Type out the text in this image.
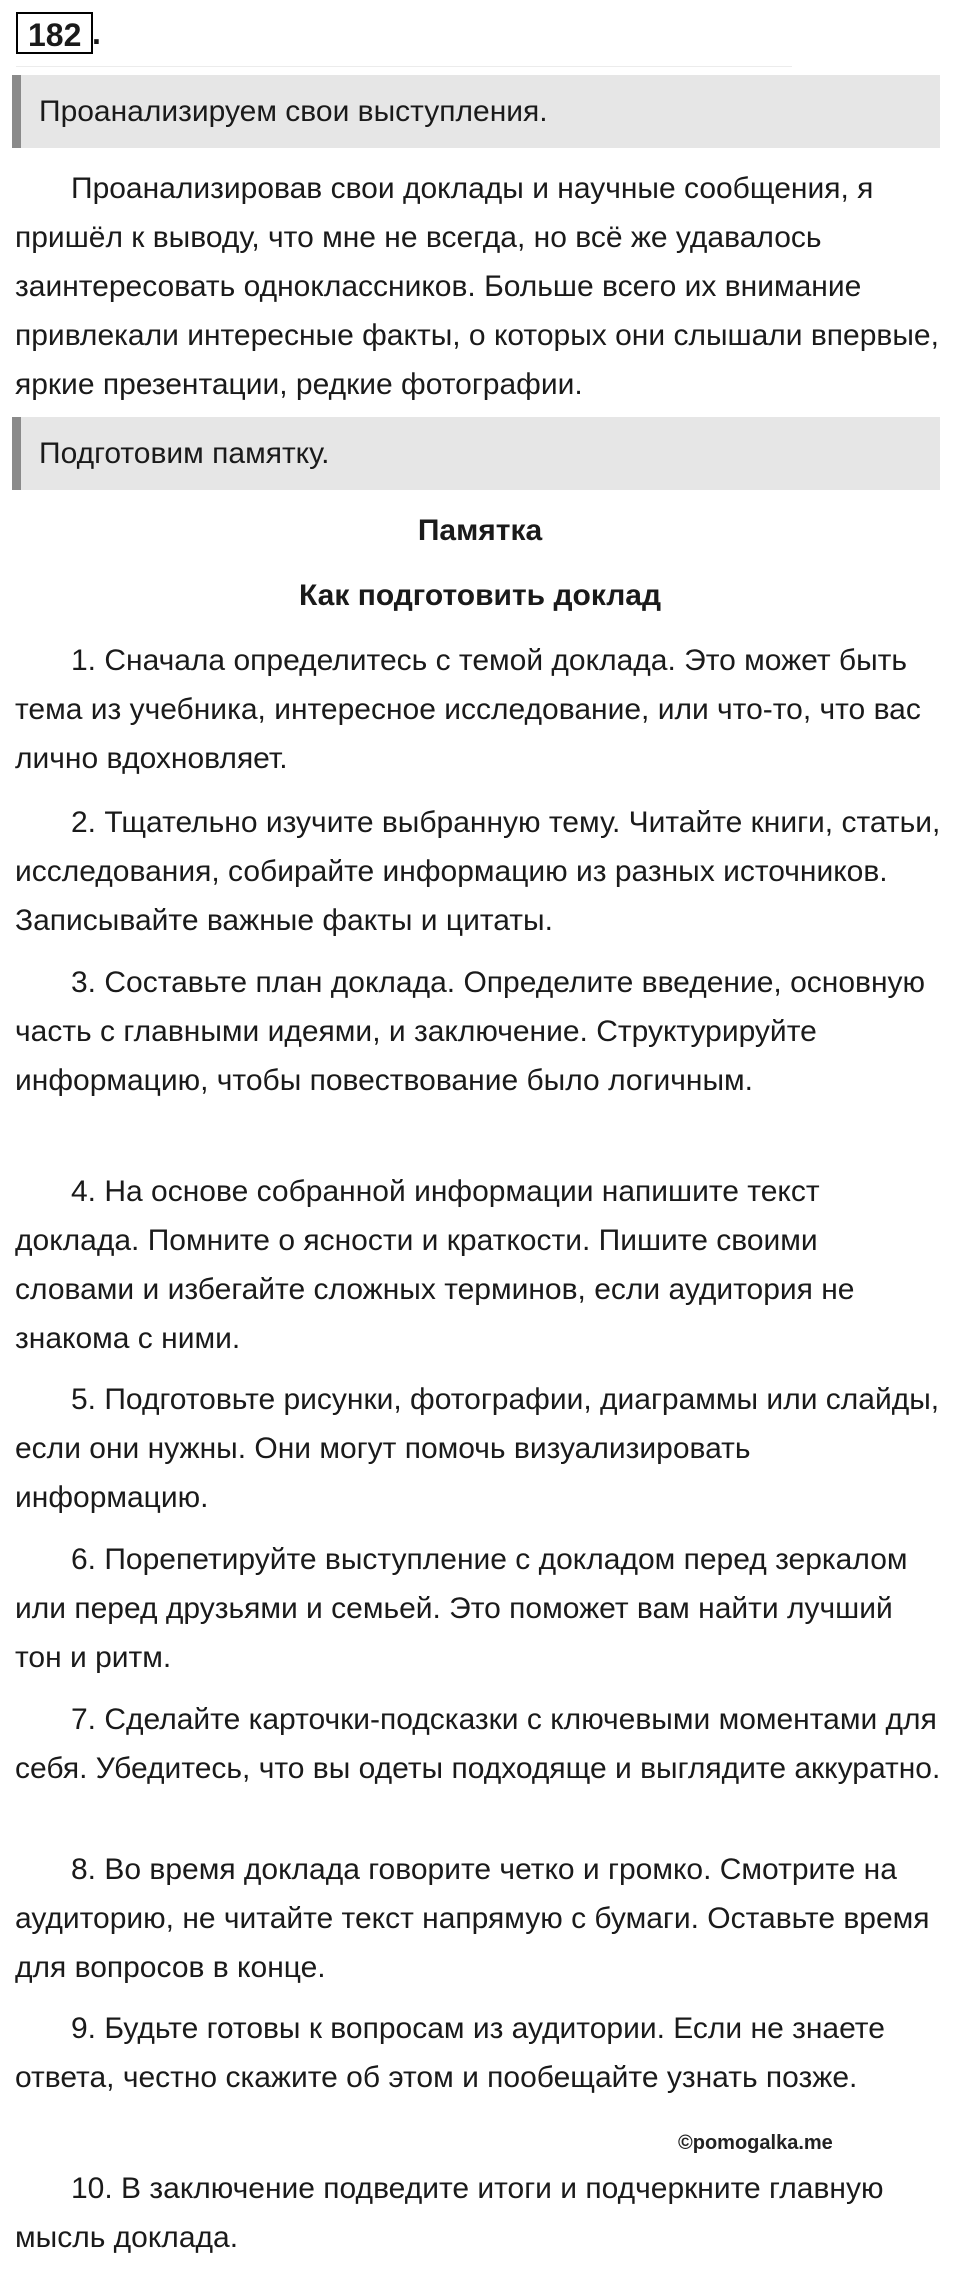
182 .
Проанализируем свои выступления.

Проанализировав свои доклады и научные сообщения, я пришёл к выводу, что мне не всегда, но всё же удавалось заинтересовать одноклассников. Больше всего их внимание привлекали интересные факты, о которых они слышали впервые, яркие презентации, редкие фотографии.

Подготовим памятку.
Памятка
Как подготовить доклад

1. Сначала определитесь с темой доклада. Это может быть тема из учебника, интересное исследование, или что-то, что вас лично вдохновляет.

2. Тщательно изучите выбранную тему. Читайте книги, статьи, исследования, собирайте информацию из разных источников. Записывайте важные факты и цитаты.

3. Составьте план доклада. Определите введение, основную часть с главными идеями, и заключение. Структурируйте информацию, чтобы повествование было логичным.

4. На основе собранной информации напишите текст доклада. Помните о ясности и краткости. Пишите своими словами и избегайте сложных терминов, если аудитория не знакома с ними.

5. Подготовьте рисунки, фотографии, диаграммы или слайды, если они нужны. Они могут помочь визуализировать информацию.

6. Порепетируйте выступление с докладом перед зеркалом или перед друзьями и семьей. Это поможет вам найти лучший тон и ритм.

7. Сделайте карточки-подсказки с ключевыми моментами для себя. Убедитесь, что вы одеты подходяще и выглядите аккуратно.

8. Во время доклада говорите четко и громко. Смотрите на аудиторию, не читайте текст напрямую с бумаги. Оставьте время для вопросов в конце.

9. Будьте готовы к вопросам из аудитории. Если не знаете ответа, честно скажите об этом и пообещайте узнать позже.

©pomogalka.me

10. В заключение подведите итоги и подчеркните главную мысль доклада.
